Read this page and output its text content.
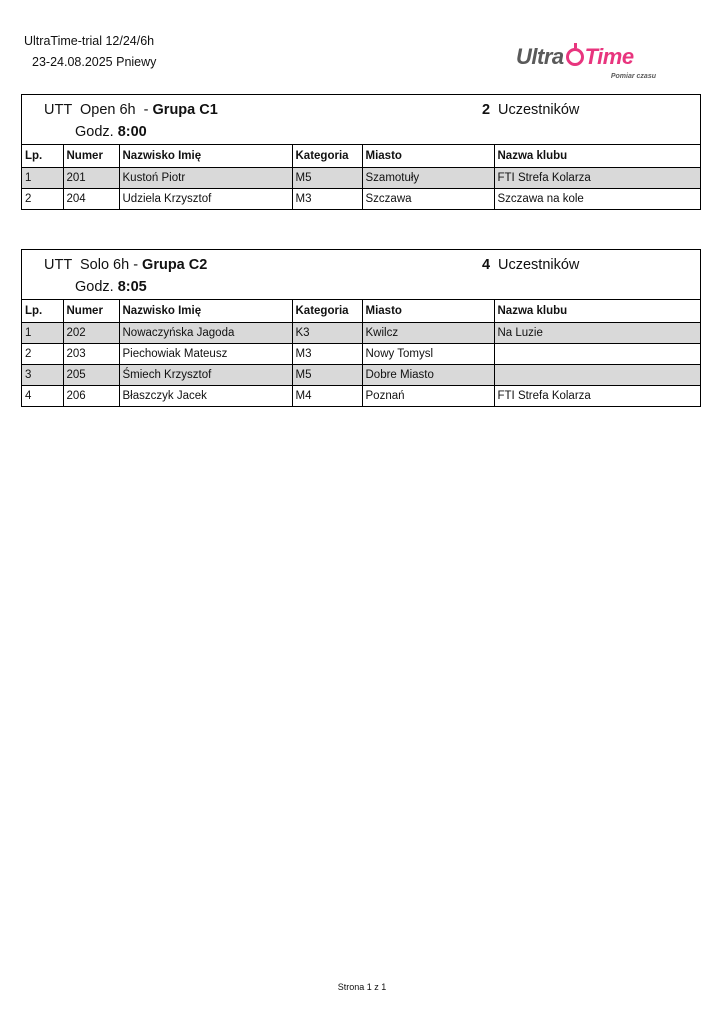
UltraTime-trial 12/24/6h
23-24.08.2025 Pniewy	Ultra Time
Pomiar czasu
UTT  Open 6h  - Grupa C1
Godz. 8:00
2 Uczestników
Lp.	Numer	Nazwisko Imię	Kategoria	Miasto	Nazwa klubu
1	201	Kustoń Piotr	M5	Szamotuły	FTI Strefa Kolarza
2	204	Udziela Krzysztof	M3	Szczawa	Szczawa na kole
UTT  Solo 6h - Grupa C2
Godz. 8:05
4 Uczestników
Lp.	Numer	Nazwisko Imię	Kategoria	Miasto	Nazwa klubu
1	202	Nowaczyńska Jagoda	K3	Kwilcz	Na Luzie
2	203	Piechowiak Mateusz	M3	Nowy Tomysl	
3	205	Śmiech Krzysztof	M5	Dobre Miasto	
4	206	Błaszczyk Jacek	M4	Poznań	FTI Strefa Kolarza
Strona 1 z 1
